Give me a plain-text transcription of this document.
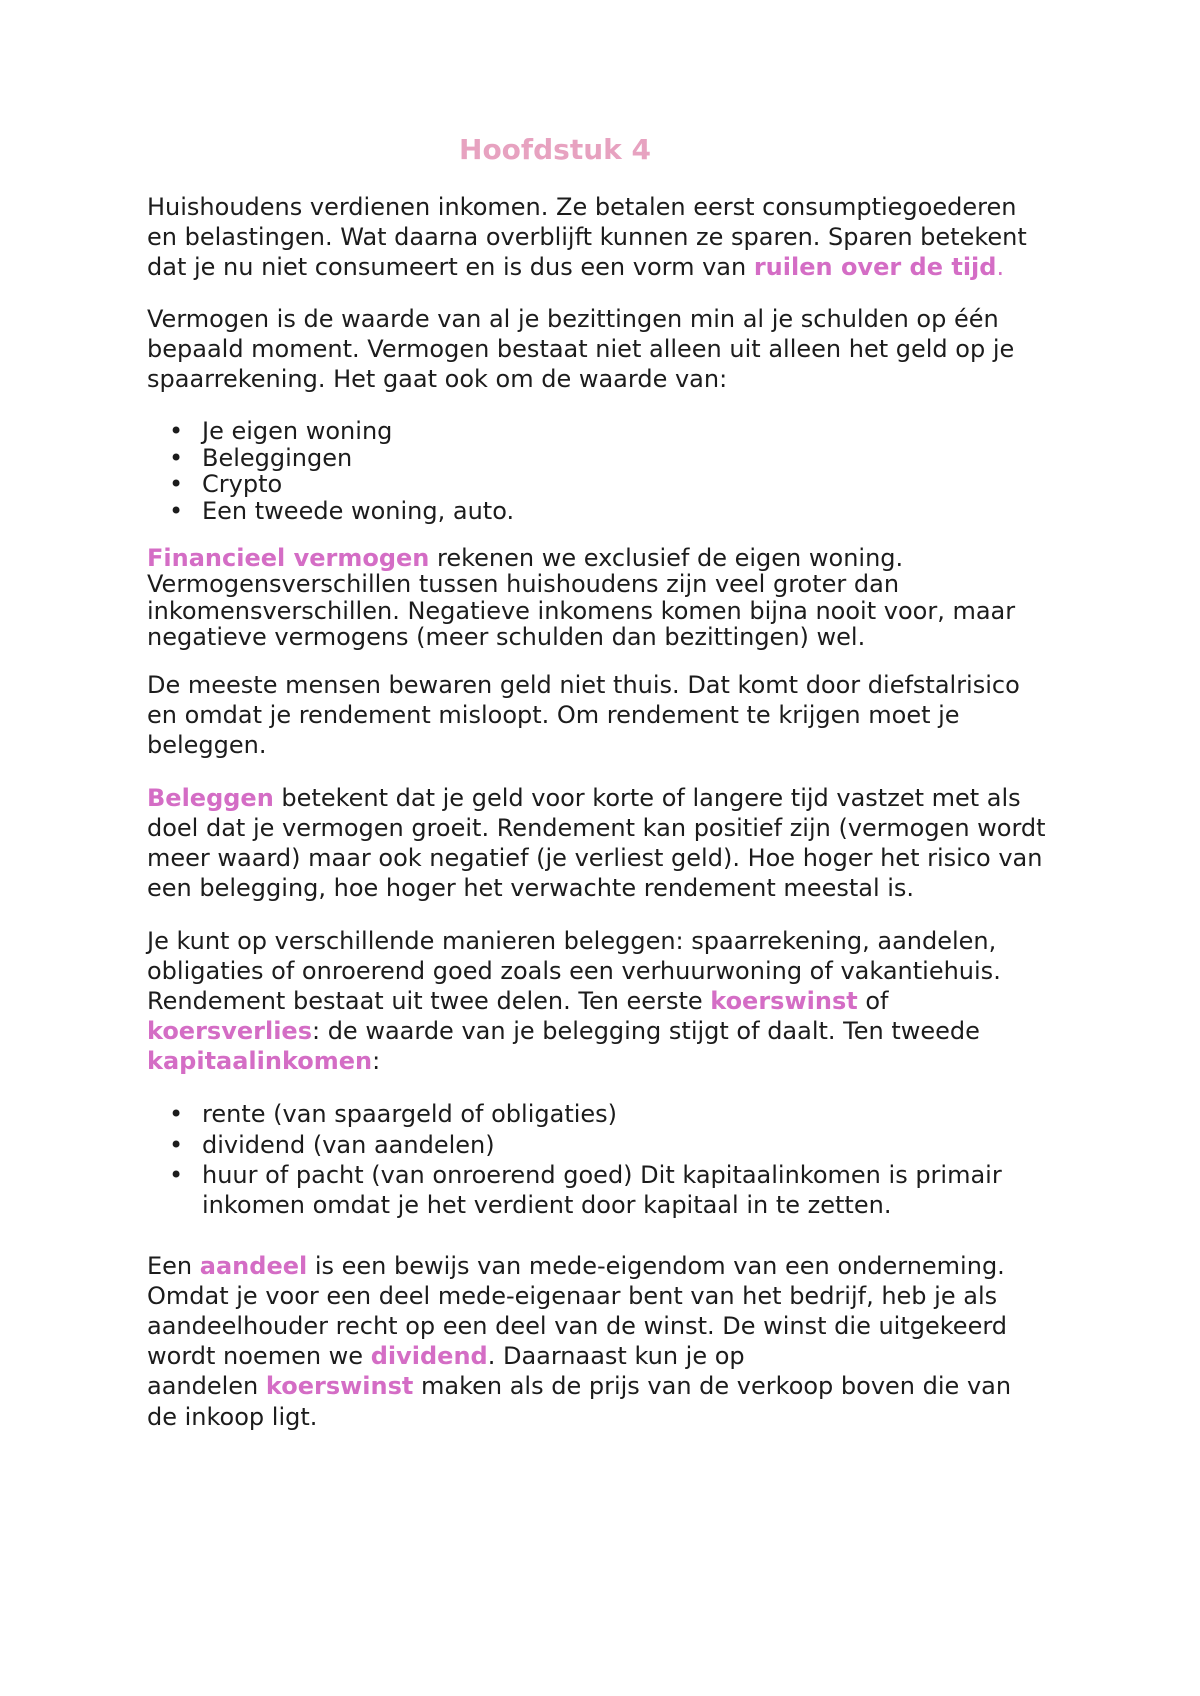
Hoofdstuk 4
Huishoudens verdienen inkomen. Ze betalen eerst consumptiegoederen
en belastingen. Wat daarna overblijft kunnen ze sparen. Sparen betekent
dat je nu niet consumeert en is dus een vorm van ruilen over de tijd.
Vermogen is de waarde van al je bezittingen min al je schulden op één
bepaald moment. Vermogen bestaat niet alleen uit alleen het geld op je
spaarrekening. Het gaat ook om de waarde van:
• Je eigen woning
• Beleggingen
• Crypto
• Een tweede woning, auto.
Financieel vermogen rekenen we exclusief de eigen woning.
Vermogensverschillen tussen huishoudens zijn veel groter dan
inkomensverschillen. Negatieve inkomens komen bijna nooit voor, maar
negatieve vermogens (meer schulden dan bezittingen) wel.
De meeste mensen bewaren geld niet thuis. Dat komt door diefstalrisico
en omdat je rendement misloopt. Om rendement te krijgen moet je
beleggen.
Beleggen betekent dat je geld voor korte of langere tijd vastzet met als
doel dat je vermogen groeit. Rendement kan positief zijn (vermogen wordt
meer waard) maar ook negatief (je verliest geld). Hoe hoger het risico van
een belegging, hoe hoger het verwachte rendement meestal is.
Je kunt op verschillende manieren beleggen: spaarrekening, aandelen,
obligaties of onroerend goed zoals een verhuurwoning of vakantiehuis.
Rendement bestaat uit twee delen. Ten eerste koerswinst of
koersverlies: de waarde van je belegging stijgt of daalt. Ten tweede
kapitaalinkomen:
• rente (van spaargeld of obligaties)
• dividend (van aandelen)
• huur of pacht (van onroerend goed) Dit kapitaalinkomen is primair
inkomen omdat je het verdient door kapitaal in te zetten.
Een aandeel is een bewijs van mede-eigendom van een onderneming.
Omdat je voor een deel mede-eigenaar bent van het bedrijf, heb je als
aandeelhouder recht op een deel van de winst. De winst die uitgekeerd
wordt noemen we dividend. Daarnaast kun je op
aandelen koerswinst maken als de prijs van de verkoop boven die van
de inkoop ligt.
